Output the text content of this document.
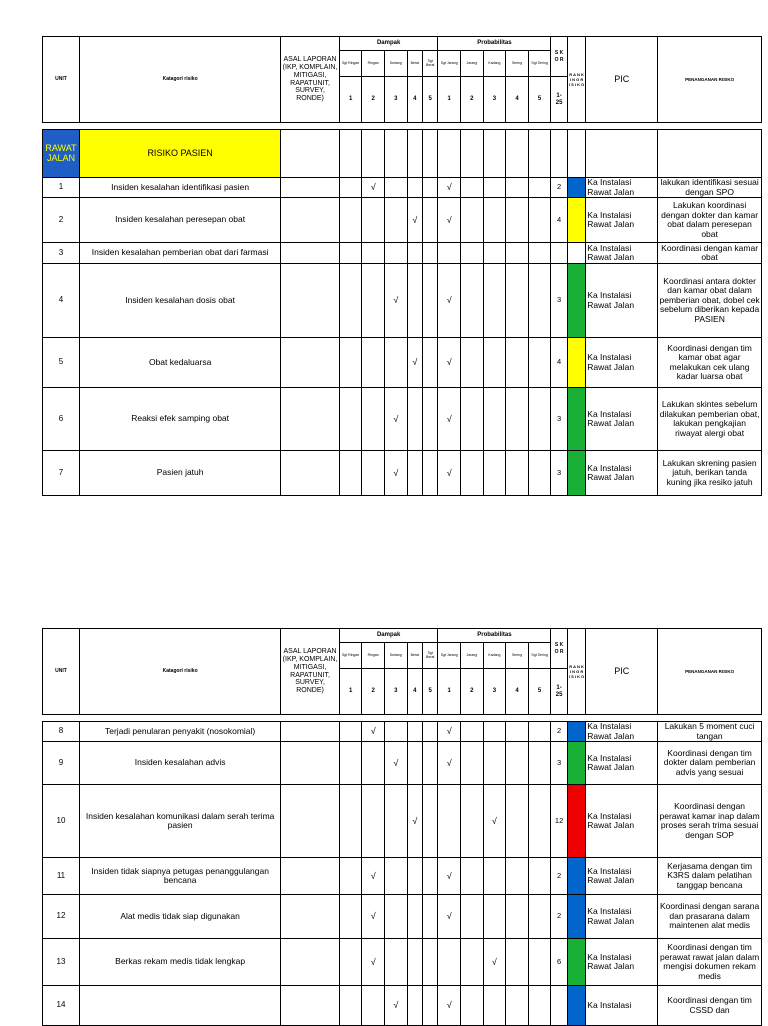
UNIT	Katagori risiko	ASAL LAPORAN (IKP, KOMPLAIN, MITIGASI, RAPATUNIT, SURVEY, RONDE)	Dampak					Probabilitas					S K O R	R A N K I N G R I S I K O	PIC	PENANGANAN RISIKO
			Sgt Ringan	Ringan	Sedang	Berat	Sgt Berat	Sgt Jarang	Jarang	Kadang	Sering	Sgt Sering				
			1	2	3	4	5	1	2	3	4	5	1- 25			

RAWAT JALAN	RISIKO PASIEN															
1	Insiden kesalahan identifikasi pasien			√				√					2		Ka Instalasi Rawat Jalan	lakukan identifikasi sesuai dengan SPO
2	Insiden kesalahan peresepan obat					√		√					4		Ka Instalasi Rawat Jalan	Lakukan koordinasi dengan dokter dan kamar obat dalam peresepan obat
3	Insiden kesalahan pemberian obat dari farmasi														Ka Instalasi Rawat Jalan	Koordinasi dengan kamar obat
4	Insiden kesalahan dosis obat				√			√					3		Ka Instalasi Rawat Jalan	Koordinasi antara dokter dan kamar obat dalam pemberian obat, dobel cek sebelum diberikan kepada PASIEN
5	Obat kedaluarsa					√		√					4		Ka Instalasi Rawat Jalan	Koordinasi dengan tim kamar obat agar melakukan cek ulang kadar luarsa obat
6	Reaksi efek samping obat				√			√					3		Ka Instalasi Rawat Jalan	Lakukan skintes sebelum dilakukan pemberian obat, lakukan pengkajian riwayat alergi obat
7	Pasien jatuh				√			√					3		Ka Instalasi Rawat Jalan	Lakukan skrening pasien jatuh, berikan tanda kuning jika resiko jatuh
UNIT	Katagori risiko	ASAL LAPORAN (IKP, KOMPLAIN, MITIGASI, RAPATUNIT, SURVEY, RONDE)	Dampak					Probabilitas					S K O R	R A N K I N G R I S I K O	PIC	PENANGANAN RISIKO
			Sgt Ringan	Ringan	Sedang	Berat	Sgt Berat	Sgt Jarang	Jarang	Kadang	Sering	Sgt Sering				
			1	2	3	4	5	1	2	3	4	5	1- 25			

8	Terjadi penularan penyakit (nosokomial)			√				√					2		Ka Instalasi Rawat Jalan	Lakukan 5 moment cuci tangan
9	Insiden kesalahan advis				√			√					3		Ka Instalasi Rawat Jalan	Koordinasi dengan tim dokter dalam pemberian advis yang sesuai
10	Insiden kesalahan komunikasi dalam serah terima pasien					√				√			12		Ka Instalasi Rawat Jalan	Koordinasi dengan perawat kamar inap dalam proses serah trima sesuai dengan SOP
11	Insiden tidak siapnya petugas penanggulangan bencana			√				√					2		Ka Instalasi Rawat Jalan	Kerjasama dengan tim K3RS dalam pelatihan tanggap bencana
12	Alat medis tidak siap digunakan			√				√					2		Ka Instalasi Rawat Jalan	Koordinasi dengan sarana dan prasarana dalam maintenen alat medis
13	Berkas rekam medis tidak lengkap			√						√			6		Ka Instalasi Rawat Jalan	Koordinasi dengan tim perawat rawat jalan dalam mengisi dokumen rekam medis
14					√			√							Ka Instalasi	Koordinasi dengan tim CSSD dan
